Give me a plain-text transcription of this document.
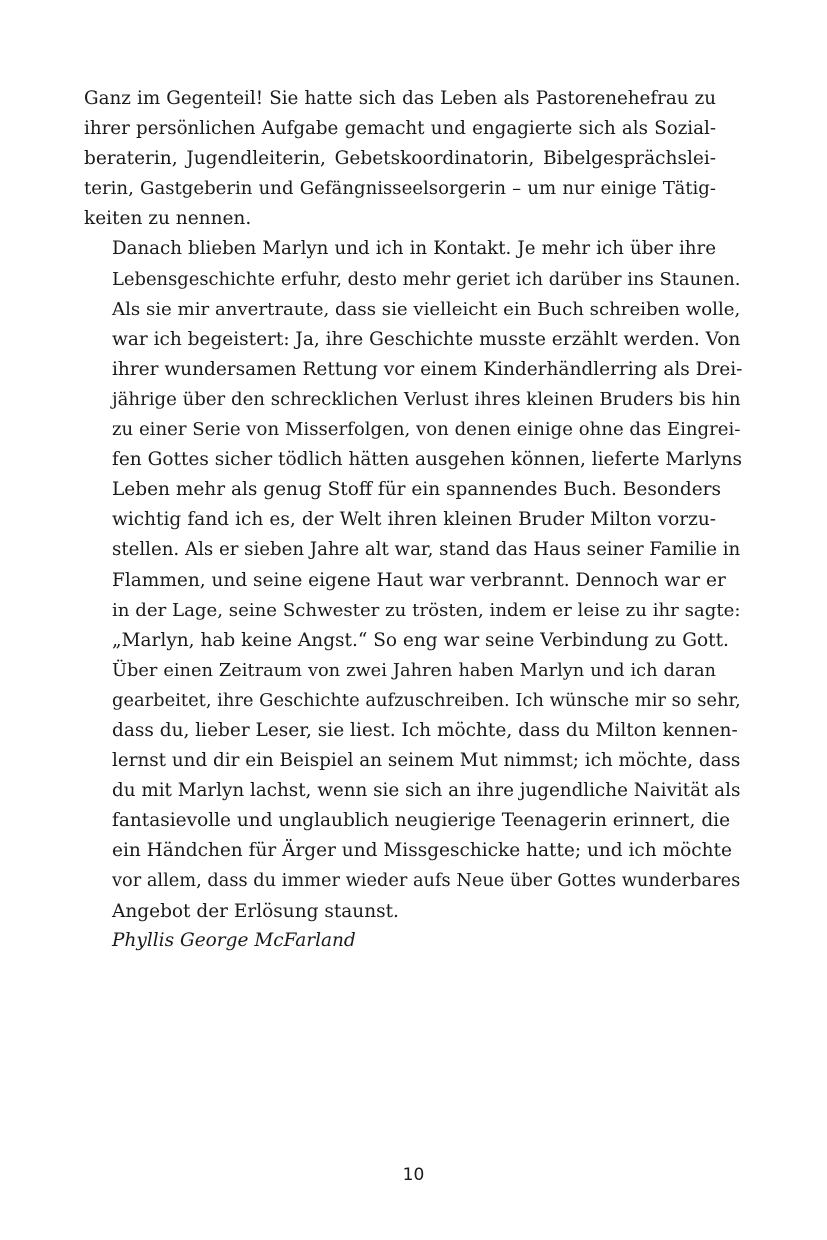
Ganz im Gegenteil! Sie hatte sich das Leben als Pastorenehefrau zu
ihrer persönlichen Aufgabe gemacht und engagierte sich als Sozial-
beraterin, Jugendleiterin, Gebetskoordinatorin, Bibelgesprächslei-
terin, Gastgeberin und Gefängnisseelsorgerin – um nur einige Tätig-
keiten zu nennen.

Danach blieben Marlyn und ich in Kontakt. Je mehr ich über ihre
Lebensgeschichte erfuhr, desto mehr geriet ich darüber ins Staunen.
Als sie mir anvertraute, dass sie vielleicht ein Buch schreiben wolle,
war ich begeistert: Ja, ihre Geschichte musste erzählt werden. Von
ihrer wundersamen Rettung vor einem Kinderhändlerring als Drei-
jährige über den schrecklichen Verlust ihres kleinen Bruders bis hin
zu einer Serie von Misserfolgen, von denen einige ohne das Eingrei-
fen Gottes sicher tödlich hätten ausgehen können, lieferte Marlyns
Leben mehr als genug Stoff für ein spannendes Buch. Besonders
wichtig fand ich es, der Welt ihren kleinen Bruder Milton vorzu-
stellen. Als er sieben Jahre alt war, stand das Haus seiner Familie in
Flammen, und seine eigene Haut war verbrannt. Dennoch war er
in der Lage, seine Schwester zu trösten, indem er leise zu ihr sagte:
„Marlyn, hab keine Angst.“ So eng war seine Verbindung zu Gott.

Über einen Zeitraum von zwei Jahren haben Marlyn und ich daran
gearbeitet, ihre Geschichte aufzuschreiben. Ich wünsche mir so sehr,
dass du, lieber Leser, sie liest. Ich möchte, dass du Milton kennen-
lernst und dir ein Beispiel an seinem Mut nimmst; ich möchte, dass
du mit Marlyn lachst, wenn sie sich an ihre jugendliche Naivität als
fantasievolle und unglaublich neugierige Teenagerin erinnert, die
ein Händchen für Ärger und Missgeschicke hatte; und ich möchte
vor allem, dass du immer wieder aufs Neue über Gottes wunderbares
Angebot der Erlösung staunst.

Phyllis George McFarland

10
